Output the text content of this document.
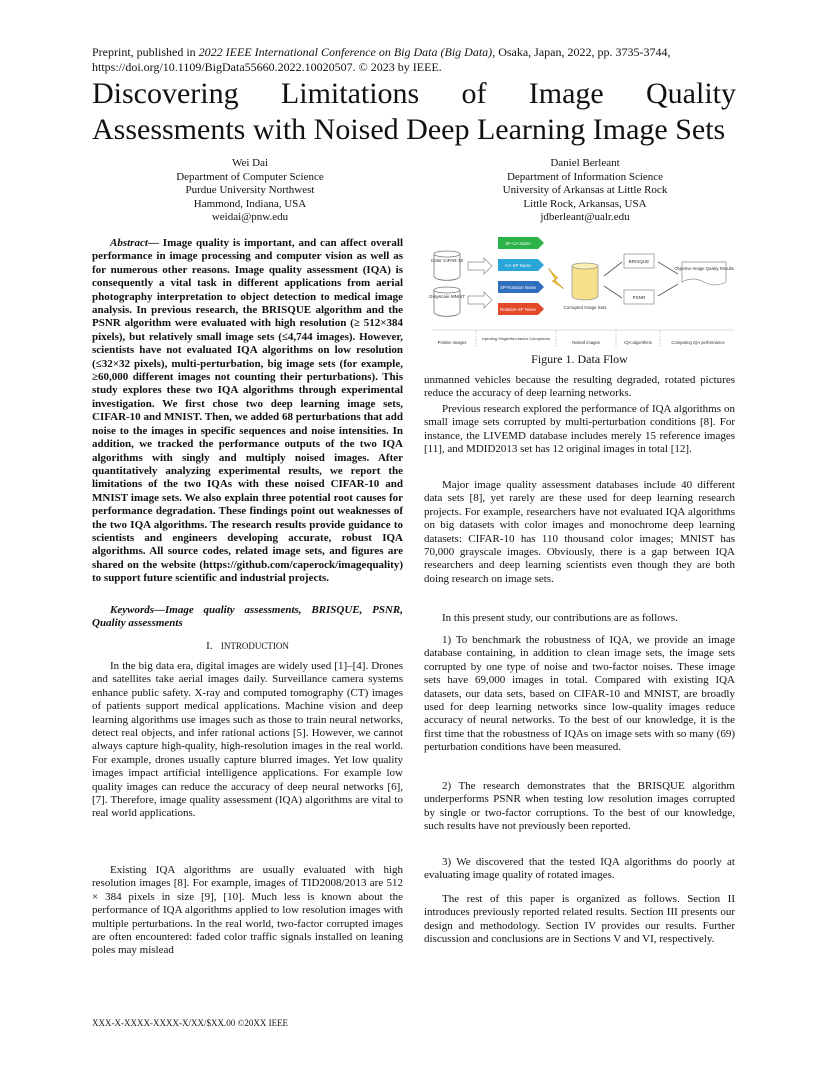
Preprint, published in 2022 IEEE International Conference on Big Data (Big Data), Osaka, Japan, 2022, pp. 3735-3744,
https://doi.org/10.1109/BigData55660.2022.10020507. © 2023 by IEEE.
Discovering Limitations of Image Quality
Assessments with Noised Deep Learning Image Sets
Wei Dai
Department of Computer Science
Purdue University Northwest
Hammond, Indiana, USA
weidai@pnw.edu
Daniel Berleant
Department of Information Science
University of Arkansas at Little Rock
Little Rock, Arkansas, USA
jdberleant@ualr.edu

Abstract— Image quality is important, and can affect overall performance in image processing and computer vision as well as for numerous other reasons. Image quality assessment (IQA) is consequently a vital task in different applications from aerial photography interpretation to object detection to medical image analysis. In previous research, the BRISQUE algorithm and the PSNR algorithm were evaluated with high resolution (≥ 512×384 pixels), but relatively small image sets (≤4,744 images). However, scientists have not evaluated IQA algorithms on low resolution (≤32×32 pixels), multi-perturbation, big image sets (for example, ≥60,000 different images not counting their perturbations). This study explores these two IQA algorithms through experimental investigation. We first chose two deep learning image sets, CIFAR-10 and MNIST. Then, we added 68 perturbations that add noise to the images in specific sequences and noise intensities. In addition, we tracked the performance outputs of the two IQA algorithms with singly and multiply noised images. After quantitatively analyzing experimental results, we report the limitations of the two IQAs with these noised CIFAR-10 and MNIST image sets. We also explain three potential root causes for performance degradation. These findings point out weaknesses of the two IQA algorithms. The research results provide guidance to scientists and engineers developing accurate, robust IQA algorithms. All source codes, related image sets, and figures are shared on the website (https://github.com/caperock/imagequality) to support future scientific and industrial projects.

Keywords—Image quality assessments, BRISQUE, PSNR, Quality assessments

I. INTRODUCTION

In the big data era, digital images are widely used [1]–[4]. Drones and satellites take aerial images daily. Surveillance camera systems enhance public safety. X-ray and computed tomography (CT) images of patients support medical applications. Machine vision and deep learning algorithms use images such as those to train neural networks, detect real objects, and infer rational actions [5]. However, we cannot always capture high-quality, high-resolution images in the real world. For example, drones usually capture blurred images. Yet low quality images impact artificial intelligence applications. For example low quality images can reduce the accuracy of deep neural networks [6], [7]. Therefore, image quality assessment (IQA) algorithms are vital to real world applications.

Existing IQA algorithms are usually evaluated with high resolution images [8]. For example, images of TID2008/2013 are 512 × 384 pixels in size [9], [10]. Much less is known about the performance of IQA algorithms applied to low resolution images with multiple perturbations. In the real world, two-factor corrupted images are often encountered: faded color traffic signals installed on leaning poles may mislead

Color CIFAR-10
Grayscale MNIST
SF-CA Noise
CA-SP Noise
SP-Rotation Noise
Rotation-SF Noise	Corrupted Image Sets
BRISQUE
PSNR
Objective Image Quality Results
Pristine images
Injecting Single/two-factor Corruptions
Noised images	IQA algorithms	Comparing IQA performance
Figure 1. Data Flow

unmanned vehicles because the resulting degraded, rotated pictures reduce the accuracy of deep learning networks.

Previous research explored the performance of IQA algorithms on small image sets corrupted by multi-perturbation conditions [8]. For instance, the LIVEMD database includes merely 15 reference images [11], and MDID2013 set has 12 original images in total [12].

Major image quality assessment databases include 40 different data sets [8], yet rarely are these used for deep learning research projects. For example, researchers have not evaluated IQA algorithms on big datasets with color images and monochrome deep learning datasets: CIFAR-10 has 110 thousand color images; MNIST has 70,000 grayscale images. Obviously, there is a gap between IQA researchers and deep learning scientists even though they are both doing research on image sets.

In this present study, our contributions are as follows.

1) To benchmark the robustness of IQA, we provide an image database containing, in addition to clean image sets, the image sets corrupted by one type of noise and two-factor noises. These image sets have 69,000 images in total. Compared with existing IQA datasets, our data sets, based on CIFAR-10 and MNIST, are broadly used for deep learning networks since low-quality images reduce accuracy of neural networks. To the best of our knowledge, it is the first time that the robustness of IQAs on image sets with so many (69) perturbation conditions have been measured.

2) The research demonstrates that the BRISQUE algorithm underperforms PSNR when testing low resolution images corrupted by single or two-factor corruptions. To the best of our knowledge, such results have not previously been reported.

3) We discovered that the tested IQA algorithms do poorly at evaluating image quality of rotated images.

The rest of this paper is organized as follows. Section II introduces previously reported related results. Section III presents our design and methodology. Section IV provides our results. Further discussion and conclusions are in Sections V and VI, respectively.

XXX-X-XXXX-XXXX-X/XX/$XX.00 ©20XX IEEE
